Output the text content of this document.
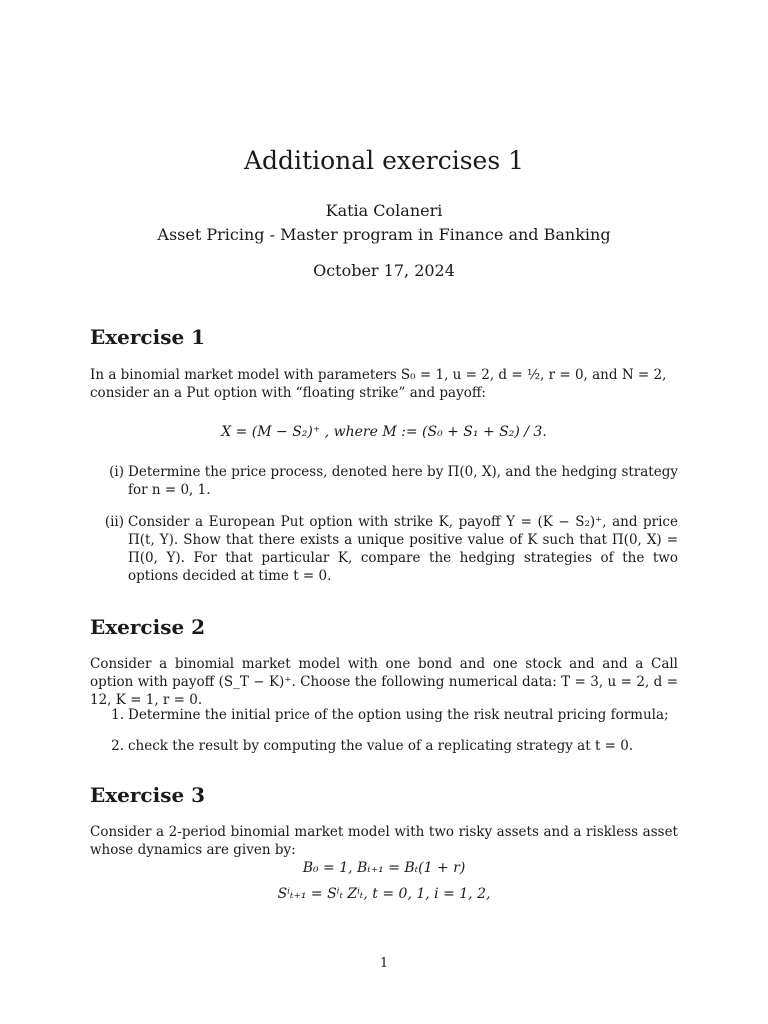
Additional exercises 1
Katia Colaneri
Asset Pricing - Master program in Finance and Banking
October 17, 2024
Exercise 1
In a binomial market model with parameters S₀ = 1, u = 2, d = ½, r = 0, and N = 2,
consider an a Put option with “floating strike” and payoff:
X = (M − S₂)⁺ , where M := (S₀ + S₁ + S₂) / 3.
(i) Determine the price process, denoted here by Π(0, X), and the hedging strategy for n = 0, 1.
(ii) Consider a European Put option with strike K, payoff Y = (K − S₂)⁺, and price Π(t, Y). Show that there exists a unique positive value of K such that Π(0, X) = Π(0, Y). For that particular K, compare the hedging strategies of the two options decided at time t = 0.
Exercise 2
Consider a binomial market model with one bond and one stock and and a Call option with payoff (S_T − K)⁺. Choose the following numerical data: T = 3, u = 2, d = 12, K = 1, r = 0.
1. Determine the initial price of the option using the risk neutral pricing formula;
2. check the result by computing the value of a replicating strategy at t = 0.
Exercise 3
Consider a 2-period binomial market model with two risky assets and a riskless asset whose dynamics are given by:
B₀ = 1, Bₜ₊₁ = Bₜ(1 + r)
Sⁱₜ₊₁ = Sⁱₜ Zⁱₜ, t = 0, 1, i = 1, 2,
1
